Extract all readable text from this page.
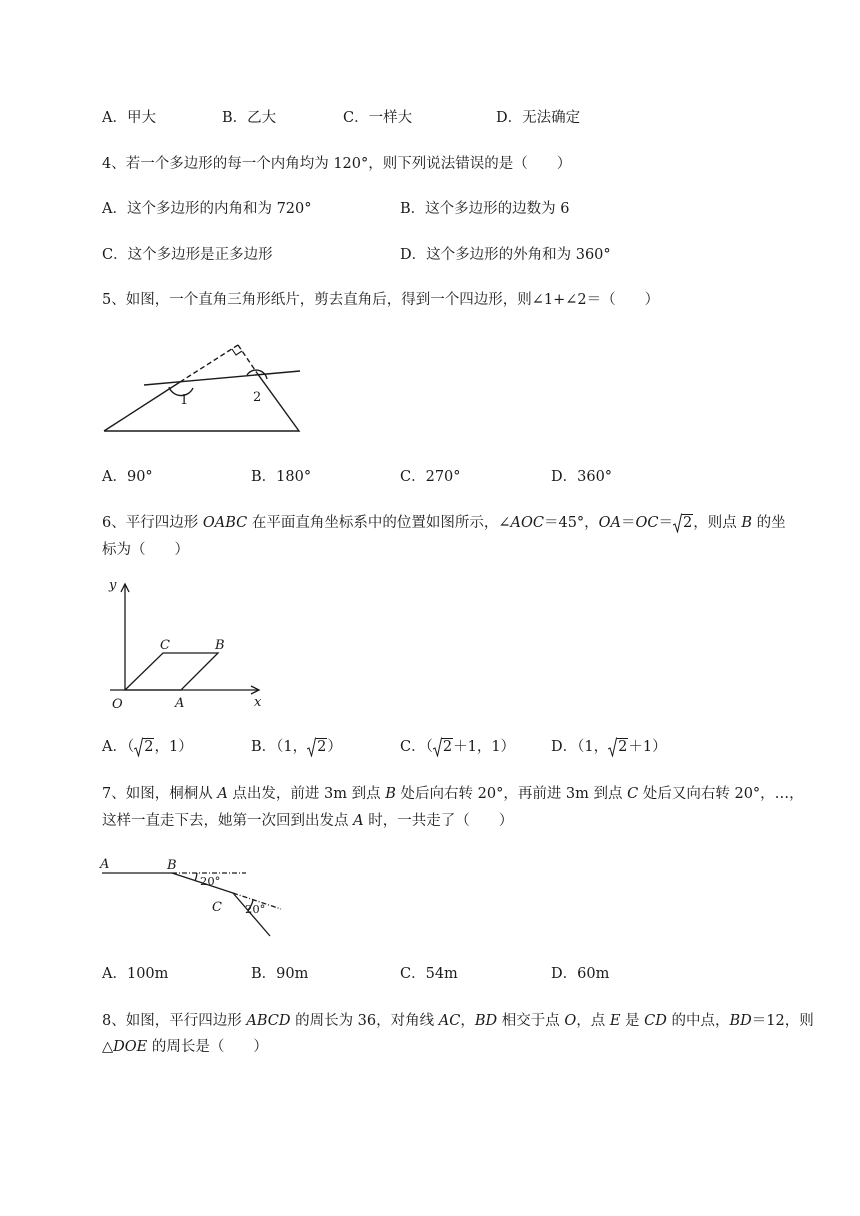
A．甲大	B．乙大	C．一样大	D．无法确定
4、若一个多边形的每一个内角均为 120°，则下列说法错误的是（　　）
A．这个多边形的内角和为 720°	B．这个多边形的边数为 6
C．这个多边形是正多边形	D．这个多边形的外角和为 360°
5、如图，一个直角三角形纸片，剪去直角后，得到一个四边形，则∠1+∠2＝（　　）
1	2
A．90°	B．180°	C．270°	D．360°
6、平行四边形 OABC 在平面直角坐标系中的位置如图所示，∠AOC＝45°，OA＝OC＝ 2，则点 B 的坐
标为（　　）
y
x
O	A
B
C
A．（ 2，1）	B．（1， 2）	C．（ 2＋1，1） D．（1， 2＋1）
7、如图，桐桐从 A 点出发，前进 3m 到点 B 处后向右转 20°，再前进 3m 到点 C 处后又向右转 20°，…，
这样一直走下去，她第一次回到出发点 A 时，一共走了（　　）
A	B
C
20°
20°
A．100m	B．90m	C．54m	D．60m
8、如图，平行四边形 ABCD 的周长为 36，对角线 AC，BD 相交于点 O，点 E 是 CD 的中点，BD＝12，则
△DOE 的周长是（　　）
